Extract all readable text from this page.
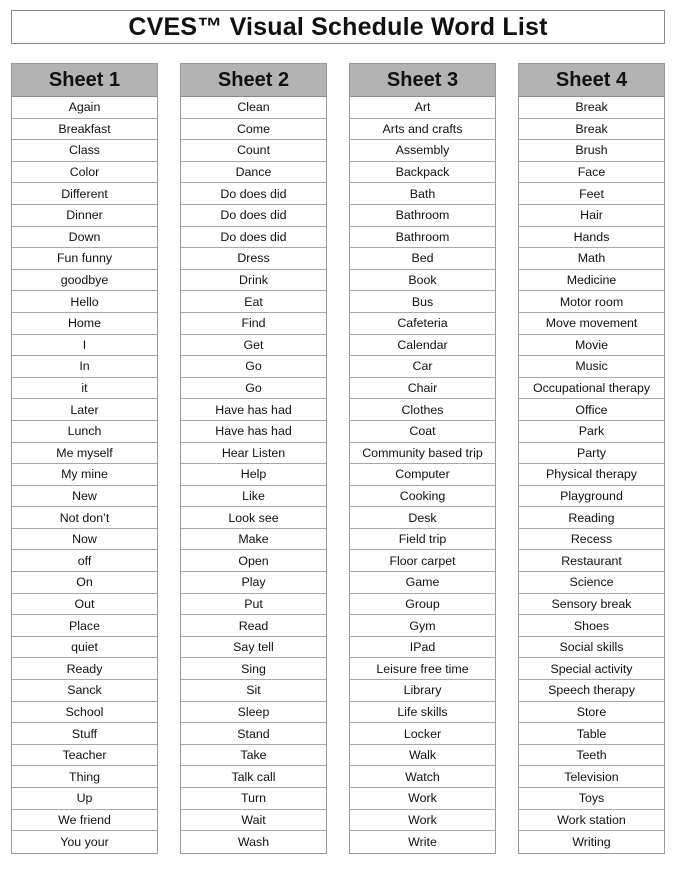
CVES™ Visual Schedule Word List
Sheet 1
Again
Breakfast
Class
Color
Different
Dinner
Down
Fun funny
goodbye
Hello
Home
I
In
it
Later
Lunch
Me myself
My mine
New
Not don’t
Now
off
On
Out
Place
quiet
Ready
Sanck
School
Stuff
Teacher
Thing
Up
We friend
You your
Sheet 2
Clean
Come
Count
Dance
Do does did
Do does did
Do does did
Dress
Drink
Eat
Find
Get
Go
Go
Have has had
Have has had
Hear Listen
Help
Like
Look see
Make
Open
Play
Put
Read
Say tell
Sing
Sit
Sleep
Stand
Take
Talk call
Turn
Wait
Wash
Sheet 3
Art
Arts and crafts
Assembly
Backpack
Bath
Bathroom
Bathroom
Bed
Book
Bus
Cafeteria
Calendar
Car
Chair
Clothes
Coat
Community based trip
Computer
Cooking
Desk
Field trip
Floor carpet
Game
Group
Gym
IPad
Leisure free time
Library
Life skills
Locker
Walk
Watch
Work
Work
Write
Sheet 4
Break
Break
Brush
Face
Feet
Hair
Hands
Math
Medicine
Motor room
Move movement
Movie
Music
Occupational therapy
Office
Park
Party
Physical therapy
Playground
Reading
Recess
Restaurant
Science
Sensory break
Shoes
Social skills
Special activity
Speech therapy
Store
Table
Teeth
Television
Toys
Work station
Writing
